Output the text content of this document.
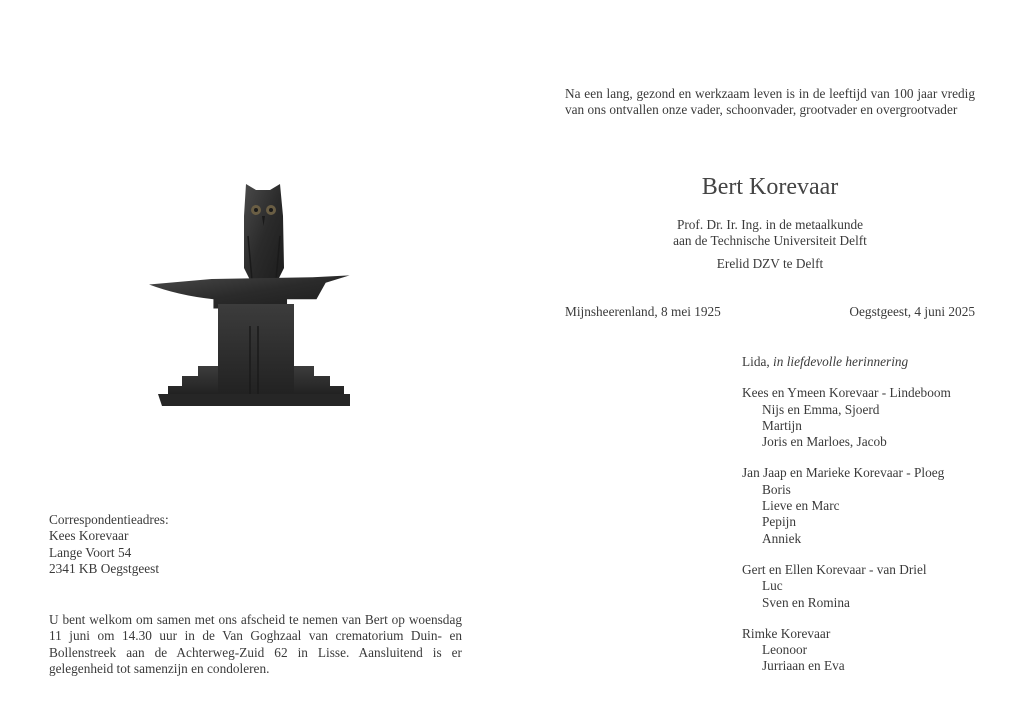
Na een lang, gezond en werkzaam leven is in de leeftijd van 100 jaar vredig van ons ontvallen onze vader, schoonvader, grootvader en overgrootvader
Bert Korevaar
Prof. Dr. Ir. Ing. in de metaalkunde
aan de Technische Universiteit Delft
Erelid DZV te Delft
Mijnsheerenland, 8 mei 1925	Oegstgeest, 4 juni 2025
Lida, in liefdevolle herinnering
Kees en Ymeen Korevaar - Lindeboom
Nijs en Emma, Sjoerd
Martijn
Joris en Marloes, Jacob
Jan Jaap en Marieke Korevaar - Ploeg
Boris
Lieve en Marc
Pepijn
Anniek
Gert en Ellen Korevaar - van Driel
Luc
Sven en Romina
Rimke Korevaar
Leonoor
Jurriaan en Eva
Correspondentieadres:
Kees Korevaar
Lange Voort 54
2341 KB Oegstgeest
U bent welkom om samen met ons afscheid te nemen van Bert op woensdag 11 juni om 14.30 uur in de Van Goghzaal van crematorium Duin- en Bollenstreek aan de Achterweg-Zuid 62 in Lisse. Aansluitend is er gelegenheid tot samenzijn en condoleren.
